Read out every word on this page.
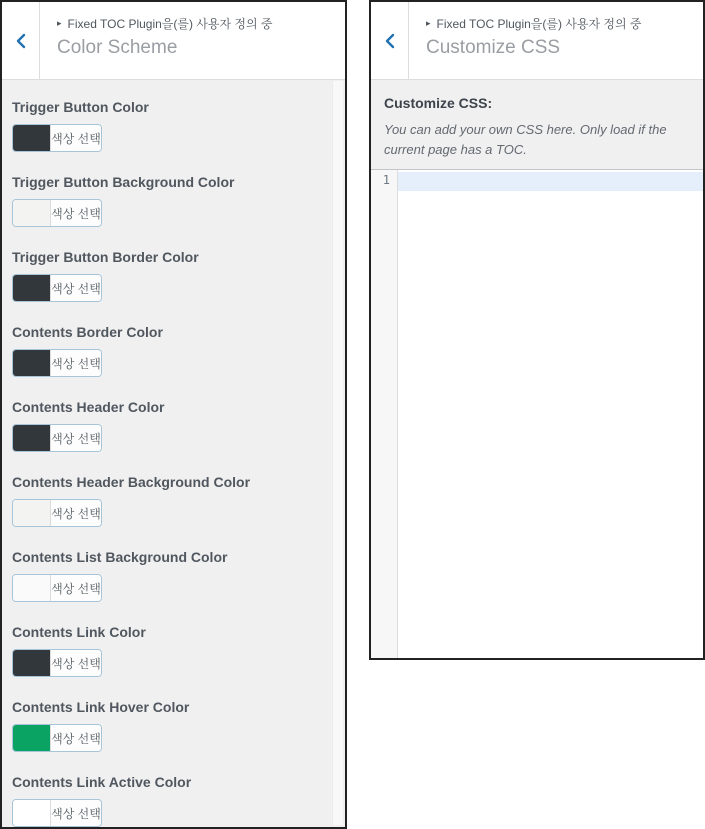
▸ Fixed TOC Plugin을(를) 사용자 정의 중
Color Scheme
Trigger Button Color
색상 선택
Trigger Button Background Color
색상 선택
Trigger Button Border Color
색상 선택
Contents Border Color
색상 선택
Contents Header Color
색상 선택
Contents Header Background Color
색상 선택
Contents List Background Color
색상 선택
Contents Link Color
색상 선택
Contents Link Hover Color
색상 선택
Contents Link Active Color
색상 선택
▸ Fixed TOC Plugin을(를) 사용자 정의 중
Customize CSS
Customize CSS:

You can add your own CSS here. Only load if the current page has a TOC.

1
